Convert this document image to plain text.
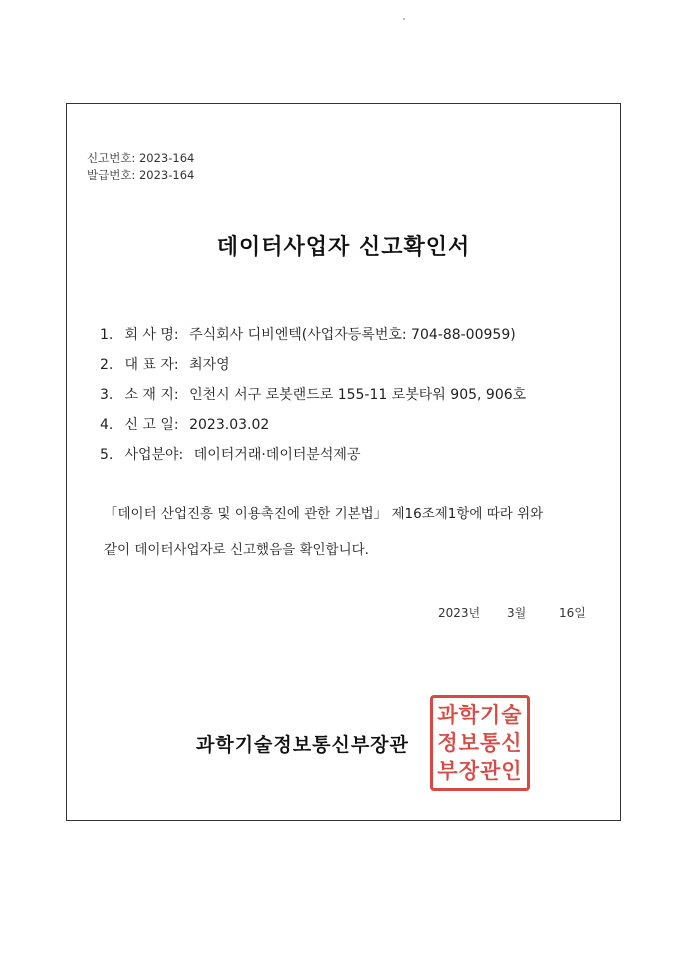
신고번호: 2023-164
발급번호: 2023-164
데이터사업자 신고확인서
1. 회 사 명: 주식회사 디비엔텍(사업자등록번호: 704-88-00959)
2. 대 표 자: 최자영
3. 소 재 지: 인천시 서구 로봇랜드로 155-11 로봇타워 905, 906호
4. 신 고 일: 2023.03.02
5. 사업분야: 데이터거래·데이터분석제공
「데이터 산업진흥 및 이용촉진에 관한 기본법」 제16조제1항에 따라 위와
같이 데이터사업자로 신고했음을 확인합니다.
2023년 3월	16일
과학기술정보통신부장관
과학기술
정보통신
부장관인
